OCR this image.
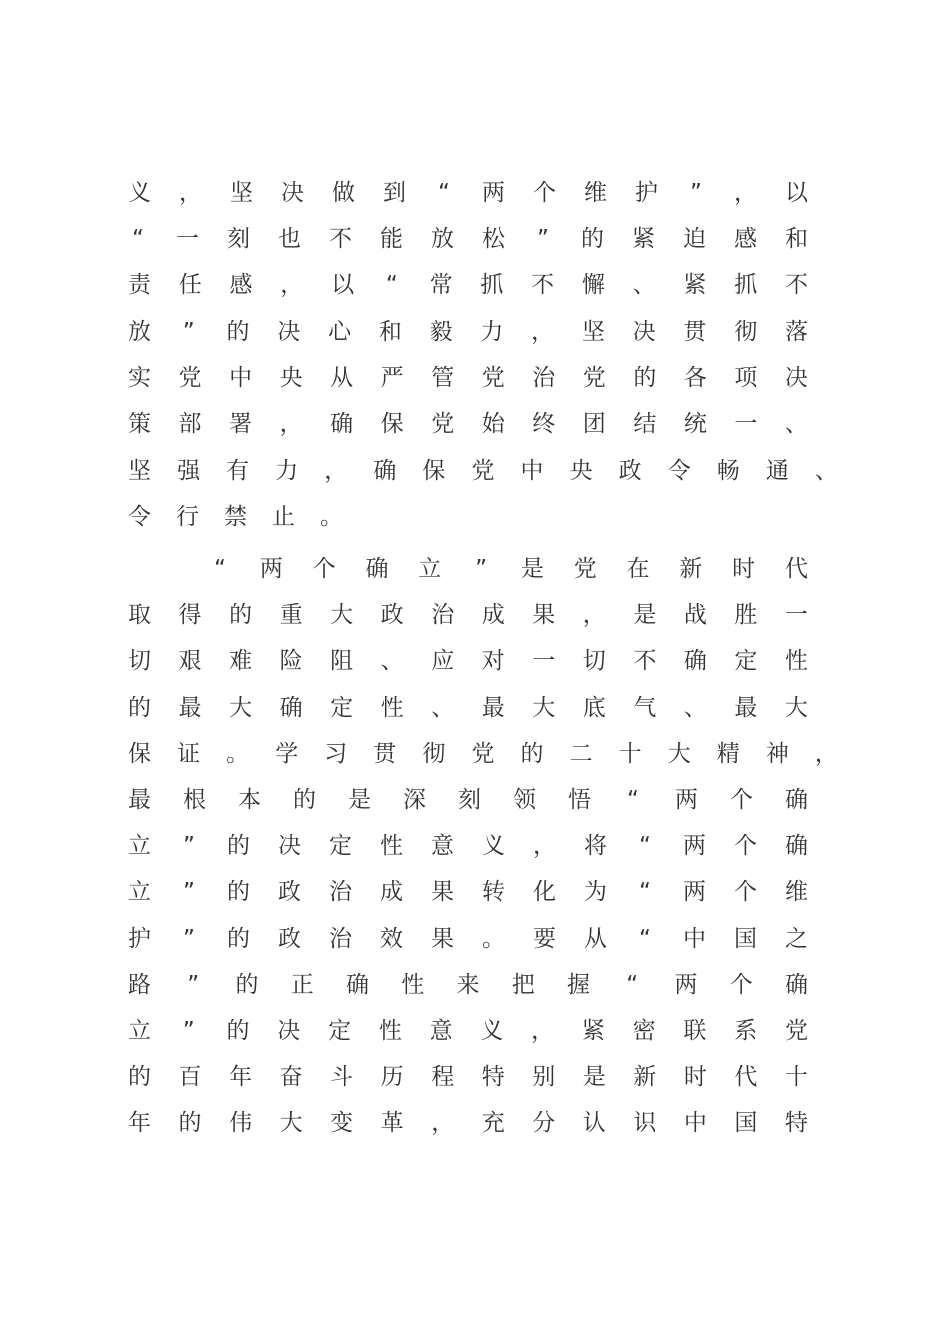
义 ， 坚 决 做 到 “ 两 个 维 护 ” ， 以
“ 一 刻 也 不 能 放 松 ” 的 紧 迫 感 和
责 任 感 ， 以 “ 常 抓 不 懈 、 紧 抓 不
放 ” 的 决 心 和 毅 力 ， 坚 决 贯 彻 落
实 党 中 央 从 严 管 党 治 党 的 各 项 决
策 部 署 ， 确 保 党 始 终 团 结 统 一 、
坚 强 有 力 ， 确 保 党 中 央 政 令 畅 通 、
令 行 禁 止 。
“ 两 个 确 立 ” 是 党 在 新 时 代
取 得 的 重 大 政 治 成 果 ， 是 战 胜 一
切 艰 难 险 阻 、 应 对 一 切 不 确 定 性
的 最 大 确 定 性 、 最 大 底 气 、 最 大
保 证 。 学 习 贯 彻 党 的 二 十 大 精 神 ，
最 根 本 的 是 深 刻 领 悟 “ 两 个 确
立 ” 的 决 定 性 意 义 ， 将 “ 两 个 确
立 ” 的 政 治 成 果 转 化 为 “ 两 个 维
护 ” 的 政 治 效 果 。 要 从 “ 中 国 之
路 ” 的 正 确 性 来 把 握 “ 两 个 确
立 ” 的 决 定 性 意 义 ， 紧 密 联 系 党
的 百 年 奋 斗 历 程 特 别 是 新 时 代 十
年 的 伟 大 变 革 ， 充 分 认 识 中 国 特
